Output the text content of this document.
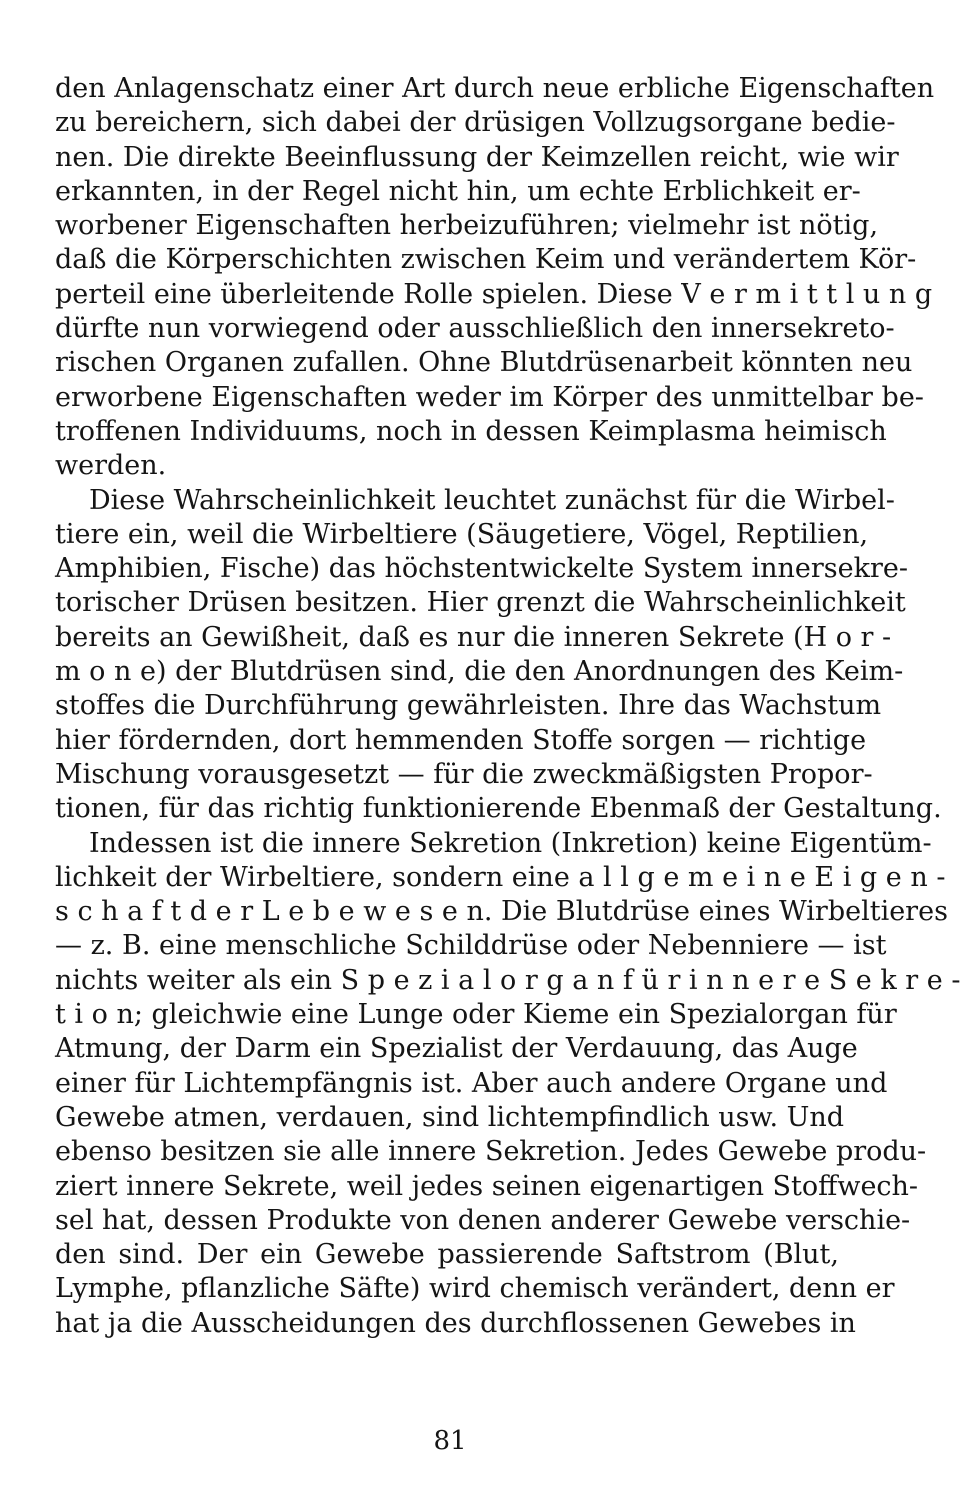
den Anlagenschatz einer Art durch neue erbliche Eigenschaften
zu bereichern, sich dabei der drüsigen Vollzugsorgane bedie-
nen. Die direkte Beeinflussung der Keimzellen reicht, wie wir
erkannten, in der Regel nicht hin, um echte Erblichkeit er-
worbener Eigenschaften herbeizuführen; vielmehr ist nötig,
daß die Körperschichten zwischen Keim und verändertem Kör-
perteil eine überleitende Rolle spielen. Diese V e r m i t t l u n g
dürfte nun vorwiegend oder ausschließlich den innersekreto-
rischen Organen zufallen. Ohne Blutdrüsenarbeit könnten neu
erworbene Eigenschaften weder im Körper des unmittelbar be-
troffenen Individuums, noch in dessen Keimplasma heimisch
werden.
Diese Wahrscheinlichkeit leuchtet zunächst für die Wirbel-
tiere ein, weil die Wirbeltiere (Säugetiere, Vögel, Reptilien,
Amphibien, Fische) das höchstentwickelte System innersekre-
torischer Drüsen besitzen. Hier grenzt die Wahrscheinlichkeit
bereits an Gewißheit, daß es nur die inneren Sekrete (H o r -
m o n e) der Blutdrüsen sind, die den Anordnungen des Keim-
stoffes die Durchführung gewährleisten. Ihre das Wachstum
hier fördernden, dort hemmenden Stoffe sorgen — richtige
Mischung vorausgesetzt — für die zweckmäßigsten Propor-
tionen, für das richtig funktionierende Ebenmaß der Gestaltung.
Indessen ist die innere Sekretion (Inkretion) keine Eigentüm-
lichkeit der Wirbeltiere, sondern eine a l l g e m e i n e E i g e n -
s c h a f t d e r L e b e w e s e n. Die Blutdrüse eines Wirbeltieres
— z. B. eine menschliche Schilddrüse oder Nebenniere — ist
nichts weiter als ein S p e z i a l o r g a n f ü r i n n e r e S e k r e -
t i o n; gleichwie eine Lunge oder Kieme ein Spezialorgan für
Atmung, der Darm ein Spezialist der Verdauung, das Auge
einer für Lichtempfängnis ist. Aber auch andere Organe und
Gewebe atmen, verdauen, sind lichtempfindlich usw. Und
ebenso besitzen sie alle innere Sekretion. Jedes Gewebe produ-
ziert innere Sekrete, weil jedes seinen eigenartigen Stoffwech-
sel hat, dessen Produkte von denen anderer Gewebe verschie-
den sind. Der ein Gewebe passierende Saftstrom (Blut,
Lymphe, pflanzliche Säfte) wird chemisch verändert, denn er
hat ja die Ausscheidungen des durchflossenen Gewebes in
81
